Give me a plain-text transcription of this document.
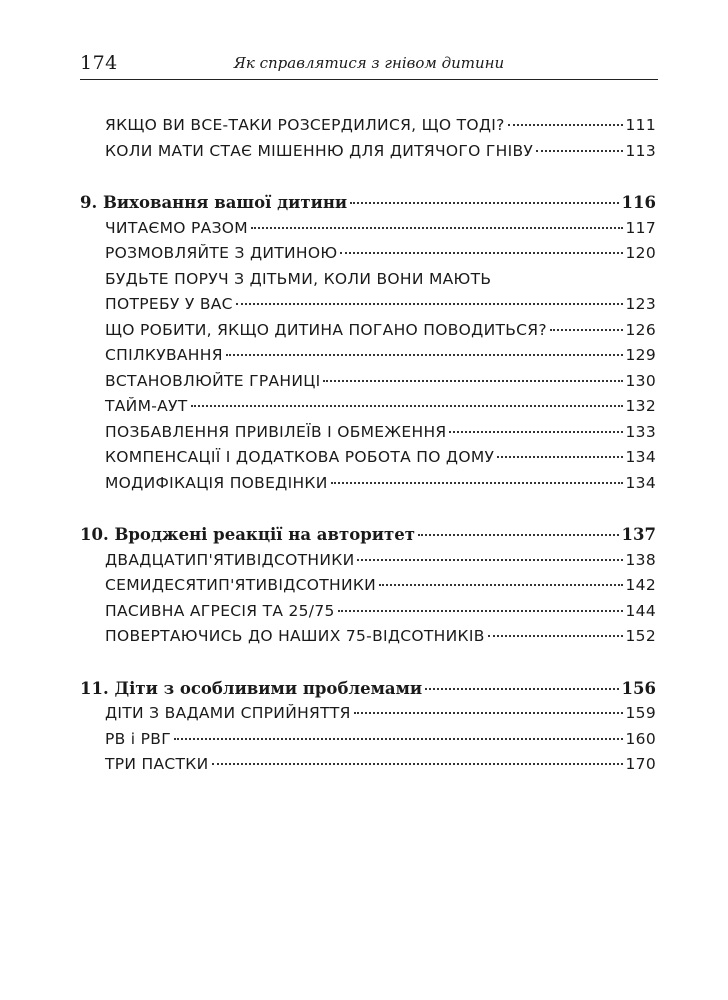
174	Як справлятися з гнівом дитини
ЯКЩО ВИ ВСЕ-ТАКИ РОЗСЕРДИЛИСЯ, ЩО ТОДІ?	111
КОЛИ МАТИ СТАЄ МІШЕННЮ ДЛЯ ДИТЯЧОГО ГНІВУ	113
9. Виховання вашої дитини	116
ЧИТАЄМО РАЗОМ	117
РОЗМОВЛЯЙТЕ З ДИТИНОЮ	120
БУДЬТЕ ПОРУЧ З ДІТЬМИ, КОЛИ ВОНИ МАЮТЬ
ПОТРЕБУ У ВАС	123
ЩО РОБИТИ, ЯКЩО ДИТИНА ПОГАНО ПОВОДИТЬСЯ?	126
СПІЛКУВАННЯ	129
ВСТАНОВЛЮЙТЕ ГРАНИЦІ	130
ТАЙМ-АУТ	132
ПОЗБАВЛЕННЯ ПРИВІЛЕЇВ І ОБМЕЖЕННЯ	133
КОМПЕНСАЦІЇ І ДОДАТКОВА РОБОТА ПО ДОМУ	134
МОДИФІКАЦІЯ ПОВЕДІНКИ	134
10. Вроджені реакції на авторитет	137
ДВАДЦАТИП'ЯТИВІДСОТНИКИ	138
СЕМИДЕСЯТИП'ЯТИВІДСОТНИКИ	142
ПАСИВНА АГРЕСІЯ ТА 25/75	144
ПОВЕРТАЮЧИСЬ ДО НАШИХ 75-ВІДСОТНИКІВ	152
11. Діти з особливими проблемами	156
ДІТИ З ВАДАМИ СПРИЙНЯТТЯ	159
РВ і РВГ	160
ТРИ ПАСТКИ	170
